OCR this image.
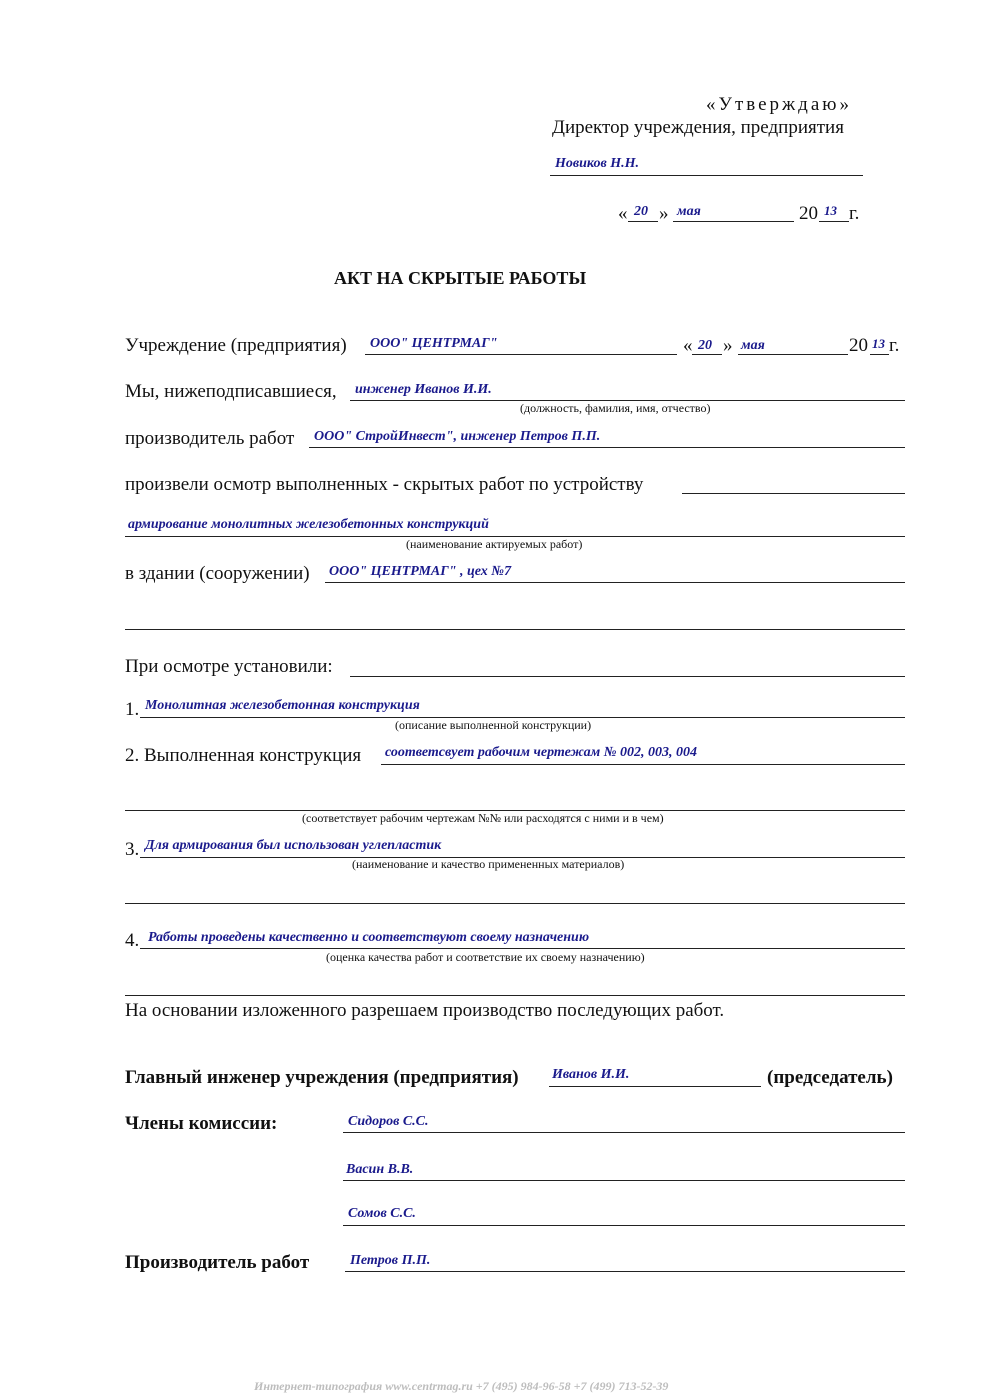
«Утверждаю»
Директор учреждения, предприятия
Новиков Н.Н.
« 20 » мая	20 13 г.
АКТ НА СКРЫТЫЕ РАБОТЫ
Учреждение (предприятия) ООО" ЦЕНТРМАГ"	« 20 » мая	20 13 г.
Мы, нижеподписавшиеся, инженер Иванов И.И.
(должность, фамилия, имя, отчество)
производитель работ ООО" СтройИнвест", инженер Петров П.П.
произвели осмотр выполненных - скрытых работ по устройству
армирование монолитных железобетонных конструкций
(наименование актируемых работ)
в здании (сооружении) ООО" ЦЕНТРМАГ" , цех №7
При осмотре установили:
1. Монолитная железобетонная конструкция
(описание выполненной конструкции)
2. Выполненная конструкция соответсвует рабочим чертежам № 002, 003, 004
(соответствует рабочим чертежам №№ или расходятся с ними и в чем)
3. Для армирования был использован углепластик
(наименование и качество примененных материалов)
4. Работы проведены качественно и соответствуют своему назначению
(оценка качества работ и соответствие их своему назначению)
На основании изложенного разрешаем производство последующих работ.
Главный инженер учреждения (предприятия) Иванов И.И.	(председатель)
Члены комиссии:	Сидоров С.С.
Васин В.В.
Сомов С.С.
Производитель работ	Петров П.П.
Интернет-типография www.centrmag.ru +7 (495) 984-96-58 +7 (499) 713-52-39
